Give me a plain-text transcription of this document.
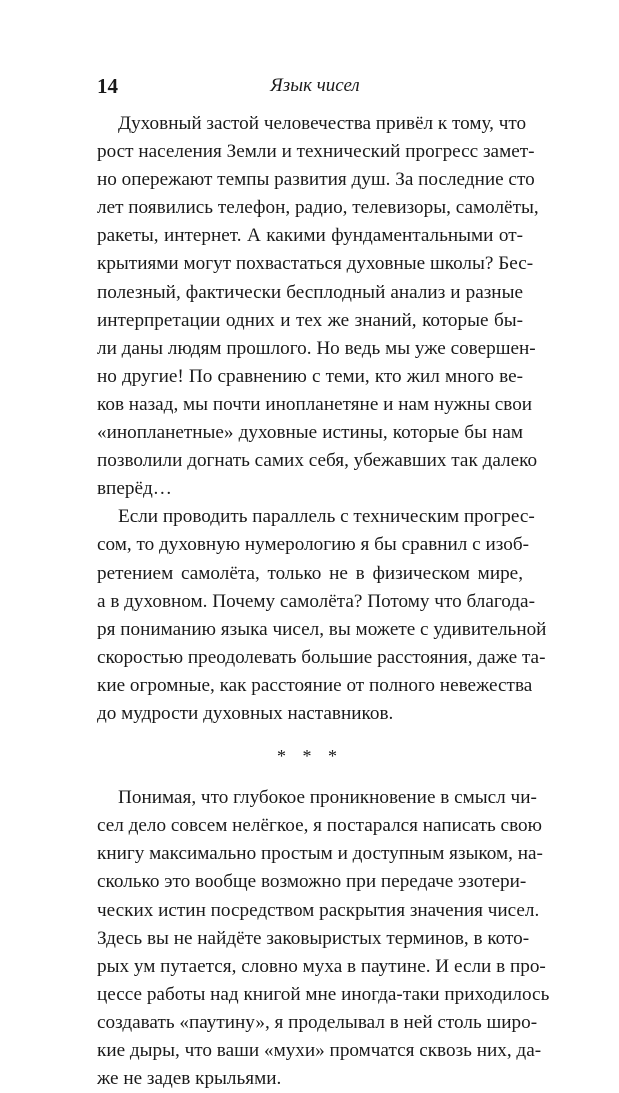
14	Язык чисел
Духовный застой человечества привёл к тому, что
рост населения Земли и технический прогресс замет-
но опережают темпы развития душ. За последние сто
лет появились телефон, радио, телевизоры, самолёты,
ракеты, интернет. А какими фундаментальными от-
крытиями могут похвастаться духовные школы? Бес-
полезный, фактически бесплодный анализ и разные
интерпретации одних и тех же знаний, которые бы-
ли даны людям прошлого. Но ведь мы уже совершен-
но другие! По сравнению с теми, кто жил много ве-
ков назад, мы почти инопланетяне и нам нужны свои
«инопланетные» духовные истины, которые бы нам
позволили догнать самих себя, убежавших так далеко
вперёд…
Если проводить параллель с техническим прогрес-
сом, то духовную нумерологию я бы сравнил с изоб-
ретением самолёта, только не в физическом мире,
а в духовном. Почему самолёта? Потому что благода-
ря пониманию языка чисел, вы можете с удивительной
скоростью преодолевать большие расстояния, даже та-
кие огромные, как расстояние от полного невежества
до мудрости духовных наставников.
* * *
Понимая, что глубокое проникновение в смысл чи-
сел дело совсем нелёгкое, я постарался написать свою
книгу максимально простым и доступным языком, на-
сколько это вообще возможно при передаче эзотери-
ческих истин посредством раскрытия значения чисел.
Здесь вы не найдёте заковыристых терминов, в кото-
рых ум путается, словно муха в паутине. И если в про-
цессе работы над книгой мне иногда-таки приходилось
создавать «паутину», я проделывал в ней столь широ-
кие дыры, что ваши «мухи» промчатся сквозь них, да-
же не задев крыльями.
